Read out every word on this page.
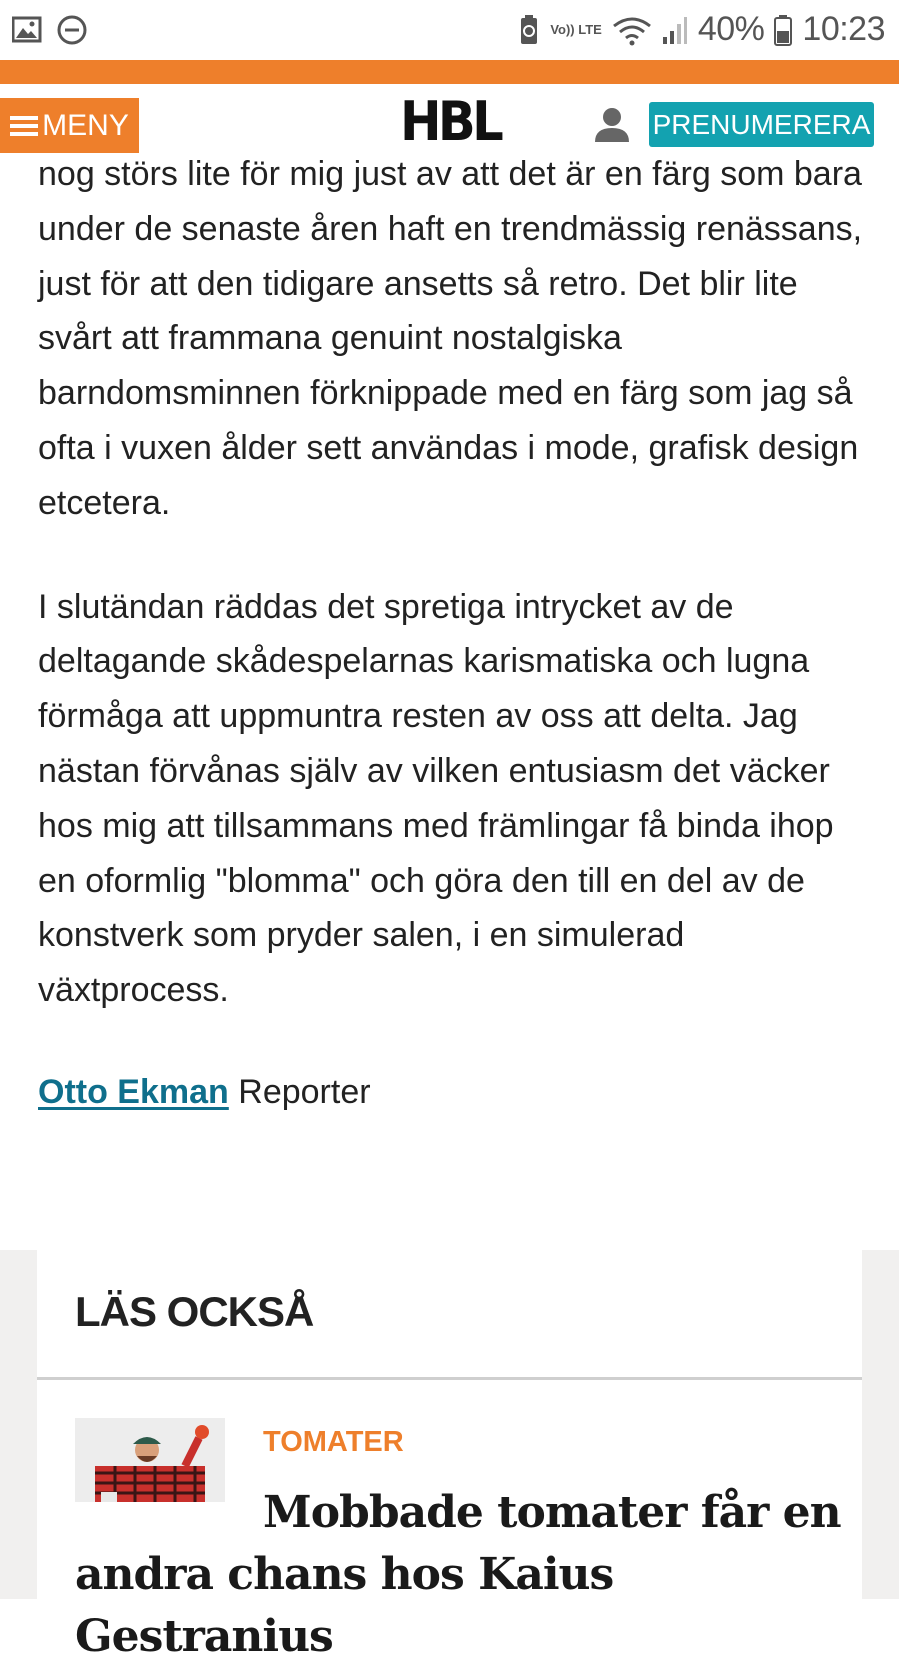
Vo)) LTE	40% 10:23
MENY	HBL	PRENUMERERA

nog störs lite för mig just av att det är en färg som bara under de senaste åren haft en trendmässig renässans, just för att den tidigare ansetts så retro. Det blir lite svårt att frammana genuint nostalgiska barndomsminnen förknippade med en färg som jag så ofta i vuxen ålder sett användas i mode, grafisk design etcetera.

I slutändan räddas det spretiga intrycket av de deltagande skådespelarnas karismatiska och lugna förmåga att uppmuntra resten av oss att delta. Jag nästan förvånas själv av vilken entusiasm det väcker hos mig att tillsammans med främlingar få binda ihop en oformlig "blomma" och göra den till en del av de konstverk som pryder salen, i en simulerad växtprocess.

Otto Ekman Reporter
LÄS OCKSÅ
TOMATER
Mobbade tomater får en andra chans hos Kaius Gestranius
